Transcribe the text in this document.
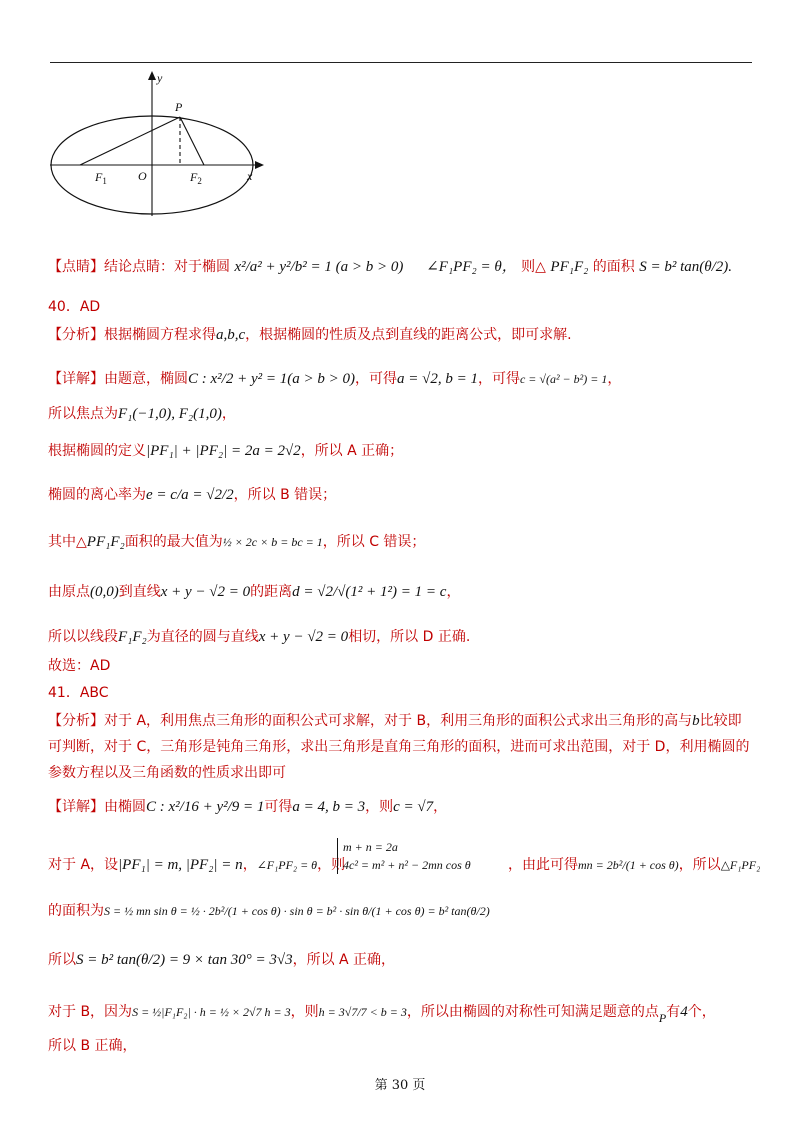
y
x
P
O
$F_1$	$F_2$
【点睛】结论点睛：对于椭圆 x²/a² + y²/b² = 1 (a > b > 0) ∠F₁PF₂ = θ， 则△ PF₁F₂ 的面积 S = b² tan(θ/2).
40．AD
【分析】根据椭圆方程求得a,b,c，根据椭圆的性质及点到直线的距离公式，即可求解.
【详解】由题意，椭圆C : x²/2 + y² = 1(a > b > 0)，可得a = √2, b = 1，可得c = √(a² − b²) = 1，
所以焦点为F₁(−1,0), F₂(1,0)，
根据椭圆的定义|PF₁| + |PF₂| = 2a = 2√2，所以 A 正确；
椭圆的离心率为e = c/a = √2/2，所以 B 错误；
其中△PF₁F₂面积的最大值为½ × 2c × b = bc = 1，所以 C 错误；
由原点(0,0)到直线x + y − √2 = 0的距离d = √2/√(1² + 1²) = 1 = c，
所以以线段F₁F₂为直径的圆与直线x + y − √2 = 0相切，所以 D 正确.
故选：AD
41．ABC
【分析】对于 A，利用焦点三角形的面积公式可求解，对于 B，利用三角形的面积公式求出三角形的高与b比较即
可判断，对于 C，三角形是钝角三角形，求出三角形是直角三角形的面积，进而可求出范围，对于 D，利用椭圆的
参数方程以及三角函数的性质求出即可
【详解】由椭圆C : x²/16 + y²/9 = 1可得a = 4, b = 3，则c = √7，
对于 A，设|PF₁| = m, |PF₂| = n，∠F₁PF₂ = θ，则
m + n = 2a
4c² = m² + n² − 2mn cos θ	，由此可得mn = 2b²/(1 + cos θ)，所以△F₁PF₂
的面积为S = ½ mn sin θ = ½ · 2b²/(1 + cos θ) · sin θ = b² · sin θ/(1 + cos θ) = b² tan(θ/2)
所以S = b² tan(θ/2) = 9 × tan 30° = 3√3，所以 A 正确，
对于 B，因为S = ½|F₁F₂| · h = ½ × 2√7 h = 3，则h = 3√7/7 < b = 3，所以由椭圆的对称性可知满足题意的点P有4个，
所以 B 正确，
第 30 页
